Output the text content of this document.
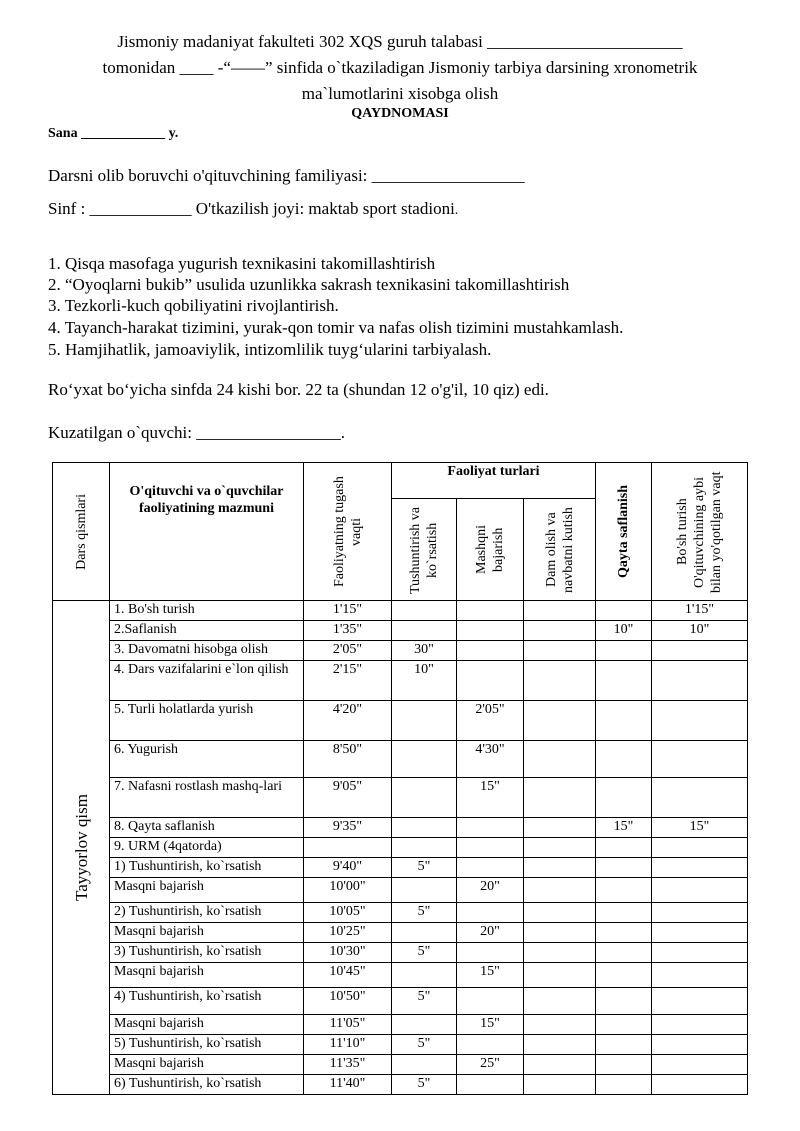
Jismoniy madaniyat fakulteti 302 XQS guruh talabasi _______________________
tomonidan ____ -“——” sinfida o`tkaziladigan Jismoniy tarbiya darsining xronometrik
ma`lumotlarini xisobga olish
QAYDNOMASI
Sana ____________ y.
Darsni olib boruvchi o'qituvchining familiyasi: __________________
Sinf : ____________ O'tkazilish joyi: maktab sport stadioni.
1. Qisqa masofaga yugurish texnikasini takomillashtirish
2. “Oyoqlarni bukib” usulida uzunlikka sakrash texnikasini takomillashtirish
3. Tezkorli-kuch qobiliyatini rivojlantirish.
4. Tayanch-harakat tizimini, yurak-qon tomir va nafas olish tizimini mustahkamlash.
5. Hamjihatlik, jamoaviylik, intizomlilik tuyg‘ularini tarbiyalash.
Ro‘yxat bo‘yicha sinfda 24 kishi bor. 22 ta (shundan 12 o'g'il, 10 qiz) edi.
Kuzatilgan o`quvchi: _________________.
Dars qismlari	O'qituvchi va o`quvchilar faoliyatining mazmuni	Faoliyatning tugash vaqti	Faoliyat turlari			Qayta saflanish	Bo'sh turish O'qituvchining aybi bilan yo'qotilgan vaqt

			Tushuntirish va ko`rsatish	Mashqni bajarish	Dam olish va navbatni kutish		

Tayyorlov qism	1. Bo'sh turish	1'15"					1'15"
	2.Saflanish	1'35"				10"	10"
	3. Davomatni hisobga olish	2'05"	30"				
	4. Dars vazifalarini e`lon qilish	2'15"	10"				
	5. Turli holatlarda yurish	4'20"		2'05"			
	6. Yugurish	8'50"		4'30"			
	7. Nafasni rostlash mashq-lari	9'05"		15"			
	8. Qayta saflanish	9'35"				15"	15"
	9. URM (4qatorda)						
	1) Tushuntirish, ko`rsatish	9'40"	5"				
	Masqni bajarish	10'00"		20"			
	2) Tushuntirish, ko`rsatish	10'05"	5"				
	Masqni bajarish	10'25"		20"			
	3) Tushuntirish, ko`rsatish	10'30"	5"				
	Masqni bajarish	10'45"		15"			
	4) Tushuntirish, ko`rsatish	10'50"	5"				
	Masqni bajarish	11'05"		15"			
	5) Tushuntirish, ko`rsatish	11'10"	5"				
	Masqni bajarish	11'35"		25"			
	6) Tushuntirish, ko`rsatish	11'40"	5"				
